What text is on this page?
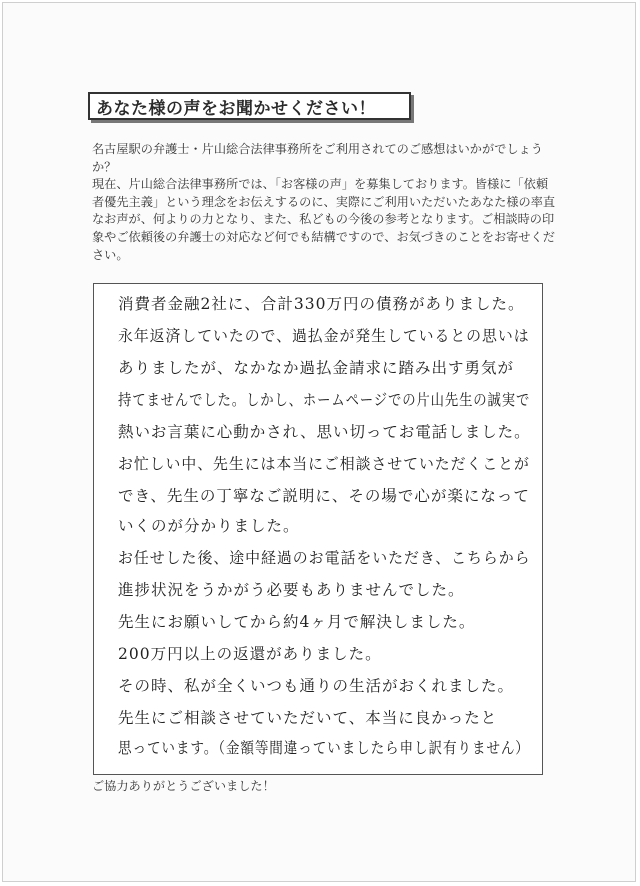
あなた様の声をお聞かせください！

名古屋駅の弁護士・片山総合法律事務所をご利用されてのご感想はいかがでしょうか？

現在、片山総合法律事務所では、「お客様の声」を募集しております。皆様に「依頼者優先主義」という理念をお伝えするのに、実際にご利用いただいたあなた様の率直なお声が、何よりの力となり、また、私どもの今後の参考となります。ご相談時の印象やご依頼後の弁護士の対応など何でも結構ですので、お気づきのことをお寄せください。

消費者金融2社に、合計330万円の債務がありました。
永年返済していたので、過払金が発生しているとの思いは
ありましたが、なかなか過払金請求に踏み出す勇気が
持てませんでした。しかし、ホームページでの片山先生の誠実で
熱いお言葉に心動かされ、思い切ってお電話しました。
お忙しい中、先生には本当にご相談させていただくことが
でき、先生の丁寧なご説明に、その場で心が楽になって
いくのが分かりました。
お任せした後、途中経過のお電話をいただき、こちらから
進捗状況をうかがう必要もありませんでした。
先生にお願いしてから約4ヶ月で解決しました。
200万円以上の返還がありました。
その時、私が全くいつも通りの生活がおくれました。
先生にご相談させていただいて、本当に良かったと
思っています。（金額等間違っていましたら申し訳有りません）
ご協力ありがとうございました！
